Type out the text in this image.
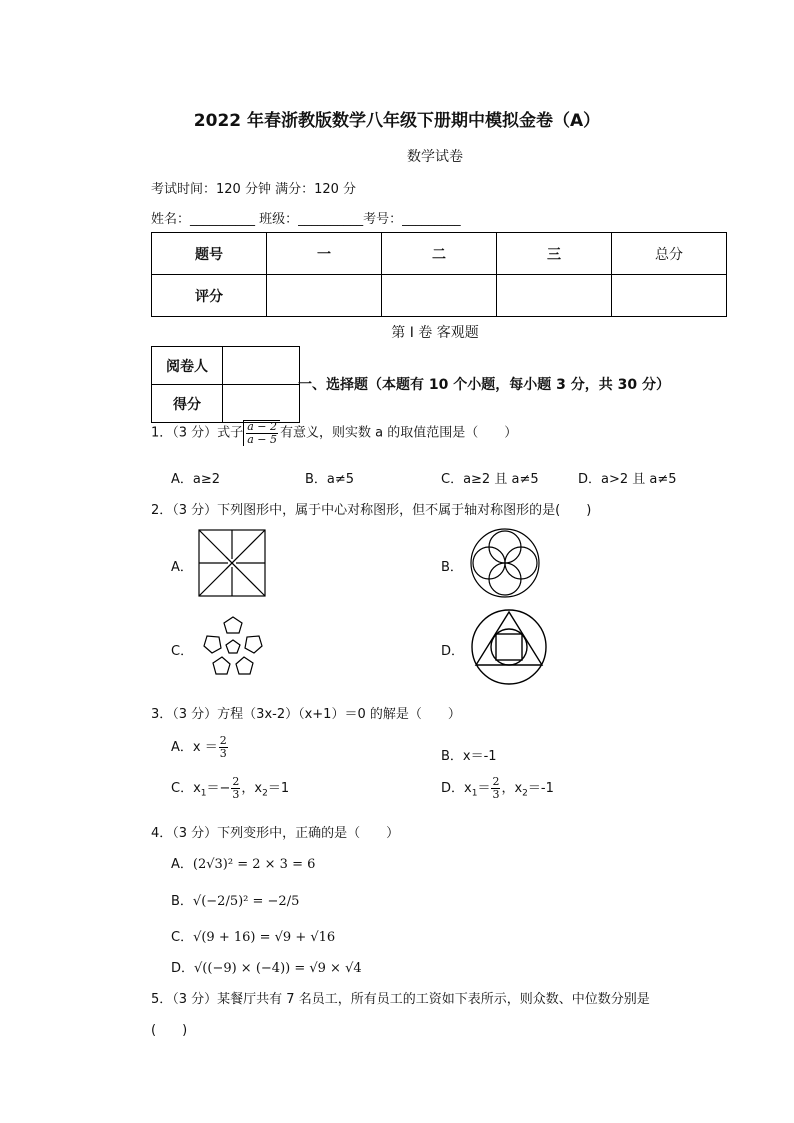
2022 年春浙教版数学八年级下册期中模拟金卷（A）
数学试卷
考试时间：120 分钟 满分：120 分
姓名：__________ 班级：__________考号：_________
题号	一	二	三	总分
评分				
第 I 卷 客观题
阅卷人	
得分	
一、选择题（本题有 10 个小题，每小题 3 分，共 30 分）
1．（3 分）式子 $\frac{a - 2}{a - 5}$ 有意义，则实数 a 的取值范围是（　　）
A．a≥2	B．a≠5	C．a≥2 且 a≠5	D．a>2 且 a≠5
2．（3 分）下列图形中，属于中心对称图形，但不属于轴对称图形的是(　　)
A．	B．
C．	D．
3．（3 分）方程（3x-2）（x+1）＝0 的解是（　　）
A．$x = \frac{2}{3}$	B．x＝-1
C．$x_1=- \frac{2}{3}$ ，$x_2=1$	D．$x_1= \frac{2}{3}$ ，$x_2=-1$
4．（3 分）下列变形中，正确的是（　　）
A．(2√3)² = 2 × 3 = 6
B．√(−2/5)² = −2/5
C．√(9 + 16) = √9 + √16
D．√((−9) × (−4)) = √9 × √4
5．（3 分）某餐厅共有 7 名员工，所有员工的工资如下表所示，则众数、中位数分别是
(　　)
